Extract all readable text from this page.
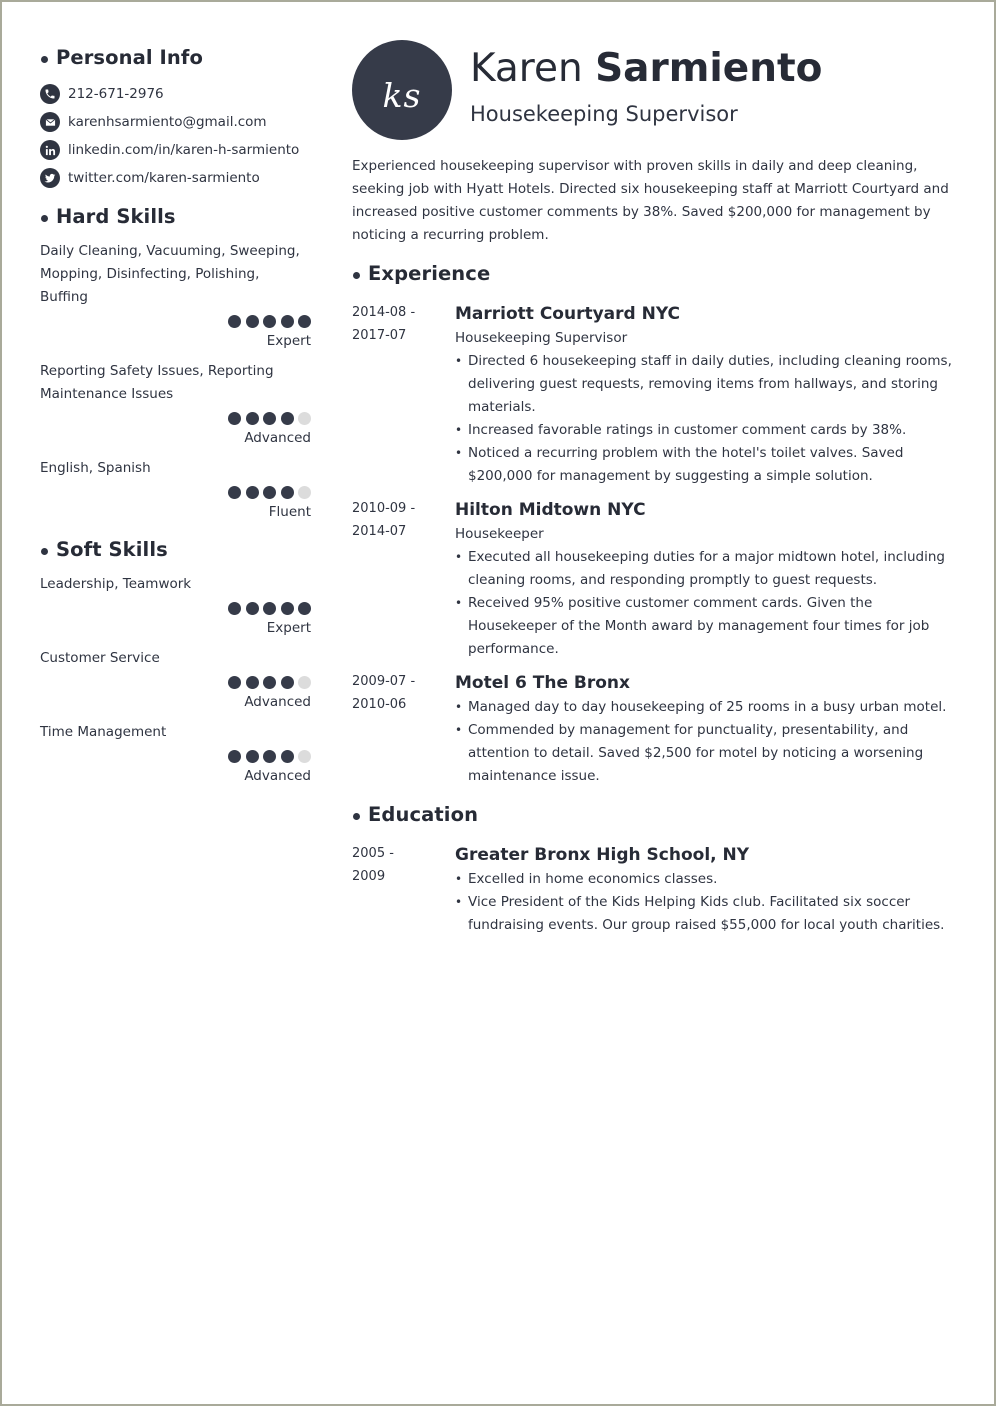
Personal Info
212-671-2976
karenhsarmiento@gmail.com
linkedin.com/in/karen-h-sarmiento
twitter.com/karen-sarmiento
Hard Skills
Daily Cleaning, Vacuuming, Sweeping, Mopping, Disinfecting, Polishing, Buffing
Expert
Reporting Safety Issues, Reporting Maintenance Issues
Advanced
English, Spanish
Fluent
Soft Skills
Leadership, Teamwork
Expert
Customer Service
Advanced
Time Management
Advanced
ks
Karen Sarmiento
Housekeeping Supervisor
Experienced housekeeping supervisor with proven skills in daily and deep cleaning, seeking job with Hyatt Hotels. Directed six housekeeping staff at Marriott Courtyard and increased positive customer comments by 38%. Saved $200,000 for management by noticing a recurring problem.
Experience
2014-08 -
2017-07
Marriott Courtyard NYC
Housekeeping Supervisor
• Directed 6 housekeeping staff in daily duties, including cleaning rooms, delivering guest requests, removing items from hallways, and storing materials.
• Increased favorable ratings in customer comment cards by 38%.
• Noticed a recurring problem with the hotel's toilet valves. Saved $200,000 for management by suggesting a simple solution.
2010-09 -
2014-07
Hilton Midtown NYC
Housekeeper
• Executed all housekeeping duties for a major midtown hotel, including cleaning rooms, and responding promptly to guest requests.
• Received 95% positive customer comment cards. Given the Housekeeper of the Month award by management four times for job performance.
2009-07 -
2010-06
Motel 6 The Bronx
• Managed day to day housekeeping of 25 rooms in a busy urban motel.
• Commended by management for punctuality, presentability, and attention to detail. Saved $2,500 for motel by noticing a worsening maintenance issue.
Education
2005 -
2009
Greater Bronx High School, NY
• Excelled in home economics classes.
• Vice President of the Kids Helping Kids club. Facilitated six soccer fundraising events. Our group raised $55,000 for local youth charities.
